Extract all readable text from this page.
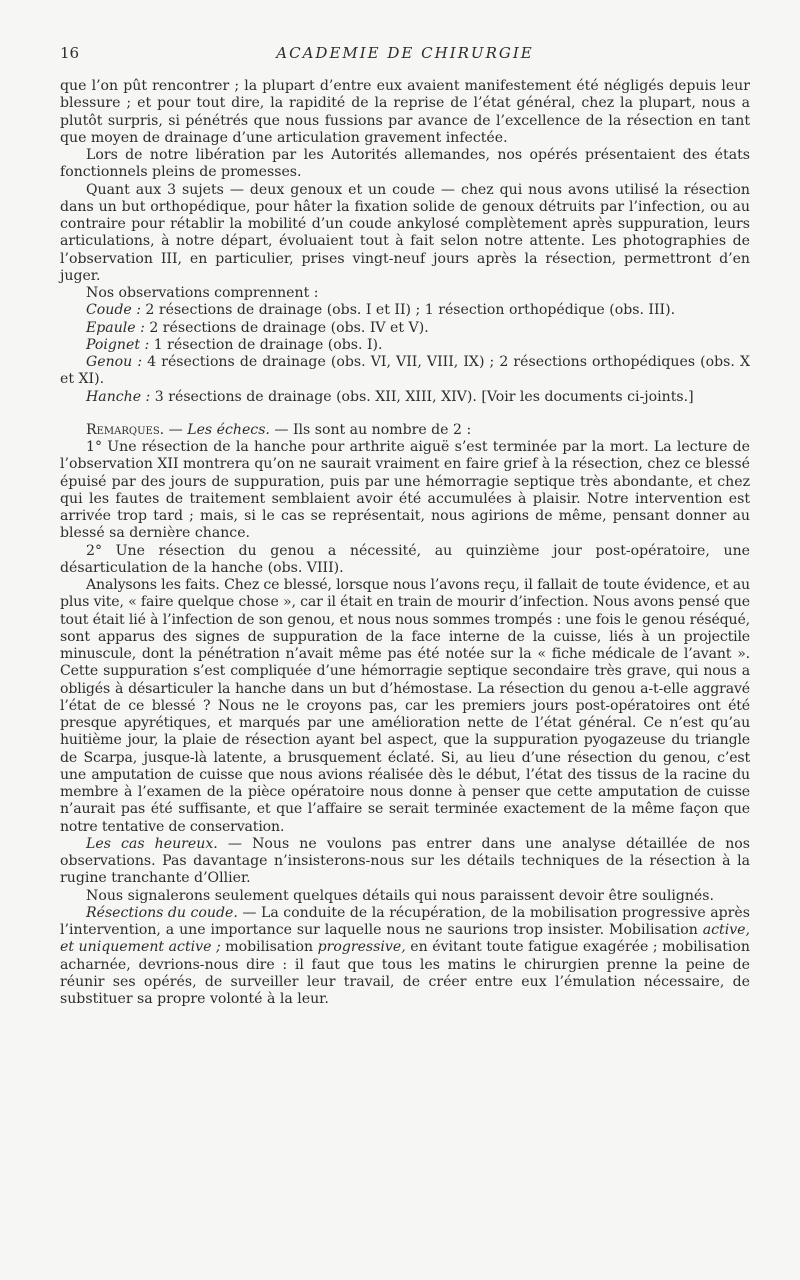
16	ACADEMIE DE CHIRURGIE

que l’on pût rencontrer ; la plupart d’entre eux avaient manifestement été négligés depuis leur blessure ; et pour tout dire, la rapidité de la reprise de l’état général, chez la plupart, nous a plutôt surpris, si pénétrés que nous fussions par avance de l’excellence de la résection en tant que moyen de drainage d’une articulation gravement infectée.

Lors de notre libération par les Autorités allemandes, nos opérés présentaient des états fonctionnels pleins de promesses.

Quant aux 3 sujets — deux genoux et un coude — chez qui nous avons utilisé la résection dans un but orthopédique, pour hâter la fixation solide de genoux détruits par l’infection, ou au contraire pour rétablir la mobilité d’un coude ankylosé complètement après suppuration, leurs articulations, à notre départ, évoluaient tout à fait selon notre attente. Les photographies de l’observation III, en particulier, prises vingt-neuf jours après la résection, permettront d’en juger.

Nos observations comprennent :

Coude : 2 résections de drainage (obs. I et II) ; 1 résection orthopédique (obs. III).

Epaule : 2 résections de drainage (obs. IV et V).

Poignet : 1 résection de drainage (obs. I).

Genou : 4 résections de drainage (obs. VI, VII, VIII, IX) ; 2 résections orthopédiques (obs. X et XI).

Hanche : 3 résections de drainage (obs. XII, XIII, XIV). [Voir les documents ci-joints.]

Remarques. — Les échecs. — Ils sont au nombre de 2 :

1° Une résection de la hanche pour arthrite aiguë s’est terminée par la mort. La lecture de l’observation XII montrera qu’on ne saurait vraiment en faire grief à la résection, chez ce blessé épuisé par des jours de suppuration, puis par une hémorragie septique très abondante, et chez qui les fautes de traitement semblaient avoir été accumulées à plaisir. Notre intervention est arrivée trop tard ; mais, si le cas se représentait, nous agirions de même, pensant donner au blessé sa dernière chance.

2° Une résection du genou a nécessité, au quinzième jour post-opératoire, une désarticulation de la hanche (obs. VIII).

Analysons les faits. Chez ce blessé, lorsque nous l’avons reçu, il fallait de toute évidence, et au plus vite, « faire quelque chose », car il était en train de mourir d’infection. Nous avons pensé que tout était lié à l’infection de son genou, et nous nous sommes trompés : une fois le genou réséqué, sont apparus des signes de suppuration de la face interne de la cuisse, liés à un projectile minuscule, dont la pénétration n’avait même pas été notée sur la « fiche médicale de l’avant ». Cette suppuration s’est compliquée d’une hémorragie septique secondaire très grave, qui nous a obligés à désarticuler la hanche dans un but d’hémostase. La résection du genou a-t-elle aggravé l’état de ce blessé ? Nous ne le croyons pas, car les premiers jours post-opératoires ont été presque apyrétiques, et marqués par une amélioration nette de l’état général. Ce n’est qu’au huitième jour, la plaie de résection ayant bel aspect, que la suppuration pyogazeuse du triangle de Scarpa, jusque-là latente, a brusquement éclaté. Si, au lieu d’une résection du genou, c’est une amputation de cuisse que nous avions réalisée dès le début, l’état des tissus de la racine du membre à l’examen de la pièce opératoire nous donne à penser que cette amputation de cuisse n’aurait pas été suffisante, et que l’affaire se serait terminée exactement de la même façon que notre tentative de conservation.

Les cas heureux. — Nous ne voulons pas entrer dans une analyse détaillée de nos observations. Pas davantage n’insisterons-nous sur les détails techniques de la résection à la rugine tranchante d’Ollier.

Nous signalerons seulement quelques détails qui nous paraissent devoir être soulignés.

Résections du coude. — La conduite de la récupération, de la mobilisation progressive après l’intervention, a une importance sur laquelle nous ne saurions trop insister. Mobilisation active, et uniquement active ; mobilisation progressive, en évitant toute fatigue exagérée ; mobilisation acharnée, devrions-nous dire : il faut que tous les matins le chirurgien prenne la peine de réunir ses opérés, de surveiller leur travail, de créer entre eux l’émulation nécessaire, de substituer sa propre volonté à la leur.
